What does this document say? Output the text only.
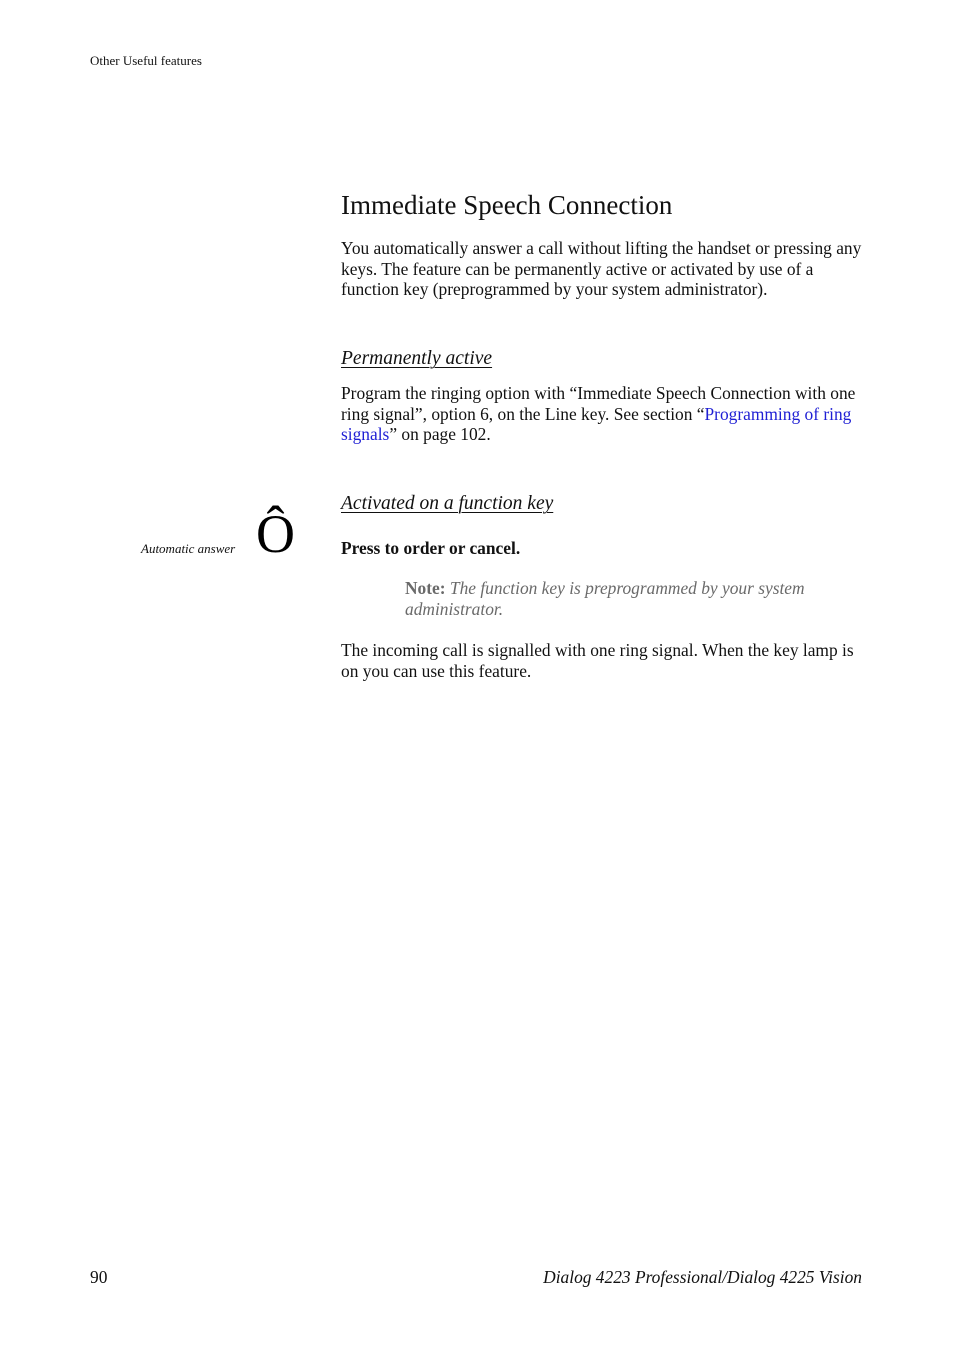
Other Useful features
Immediate Speech Connection
You automatically answer a call without lifting the handset or pressing any keys. The feature can be permanently active or activated by use of a function key (preprogrammed by your system administrator).
Permanently active
Program the ringing option with “Immediate Speech Connection with one ring signal”, option 6, on the Line key. See section “Programming of ring signals” on page 102.
Activated on a function key
Automatic answer Ô	Press to order or cancel.
Note: The function key is preprogrammed by your system administrator.
The incoming call is signalled with one ring signal. When the key lamp is on you can use this feature.
90	Dialog 4223 Professional/Dialog 4225 Vision
